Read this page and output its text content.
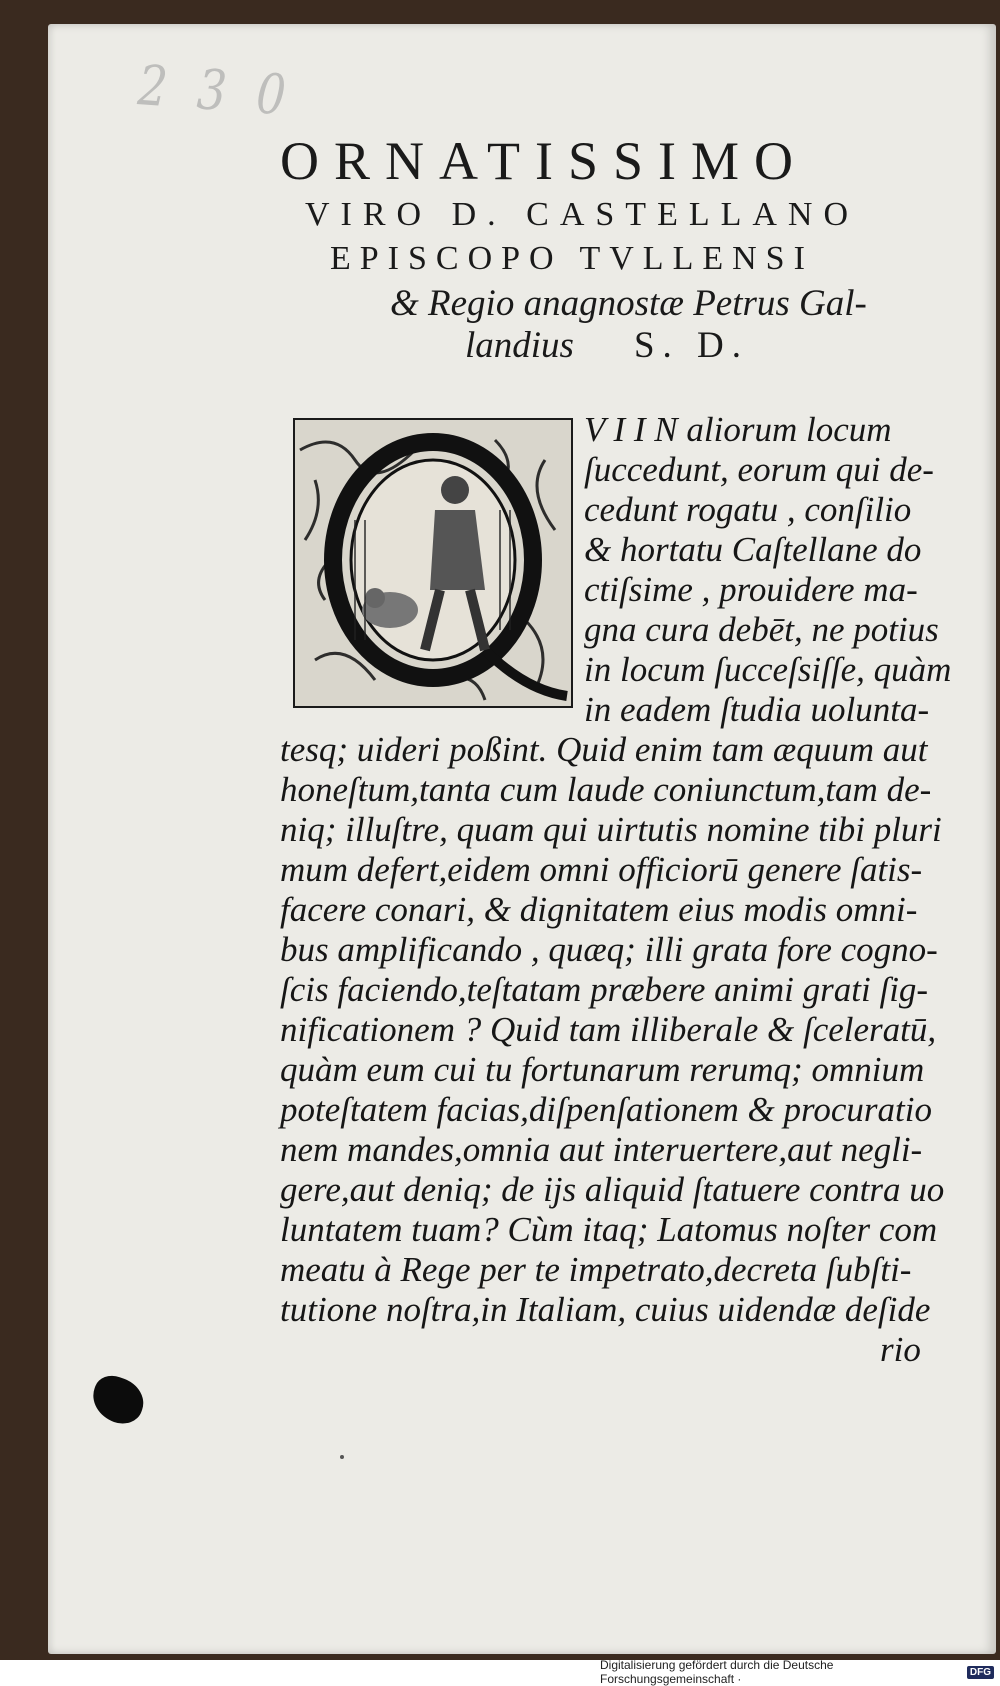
230
ORNATISSIMO
VIRO D. CASTELLANO
EPISCOPO TVLLENSI
& Regio anagnostæ Petrus Gal-
landius S. D.
V I I N aliorum locum
ſuccedunt, eorum qui de-
cedunt rogatu , conſilio
& hortatu Caſtellane do
ctiſsime , prouidere ma-
gna cura debēt, ne potius
in locum ſucceſsiſſe, quàm
in eadem ſtudia uolunta-
tesq; uideri poßint. Quid enim tam æquum aut
honeſtum,tanta cum laude coniunctum,tam de-
niq; illuſtre, quam qui uirtutis nomine tibi pluri
mum defert,eidem omni officiorū genere ſatis-
facere conari, & dignitatem eius modis omni-
bus amplificando , quæq; illi grata fore cogno-
ſcis faciendo,teſtatam præbere animi grati ſig-
nificationem ? Quid tam illiberale & ſceleratū,
quàm eum cui tu fortunarum rerumq; omnium
poteſtatem facias,diſpenſationem & procuratio
nem mandes,omnia aut interuertere,aut negli-
gere,aut deniq; de ijs aliquid ſtatuere contra uo
luntatem tuam? Cùm itaq; Latomus noſter com
meatu à Rege per te impetrato,decreta ſubſti-
tutione noſtra,in Italiam, cuius uidendæ deſide
rio
Digitalisierung gefördert durch die Deutsche Forschungsgemeinschaft ·	DFG
